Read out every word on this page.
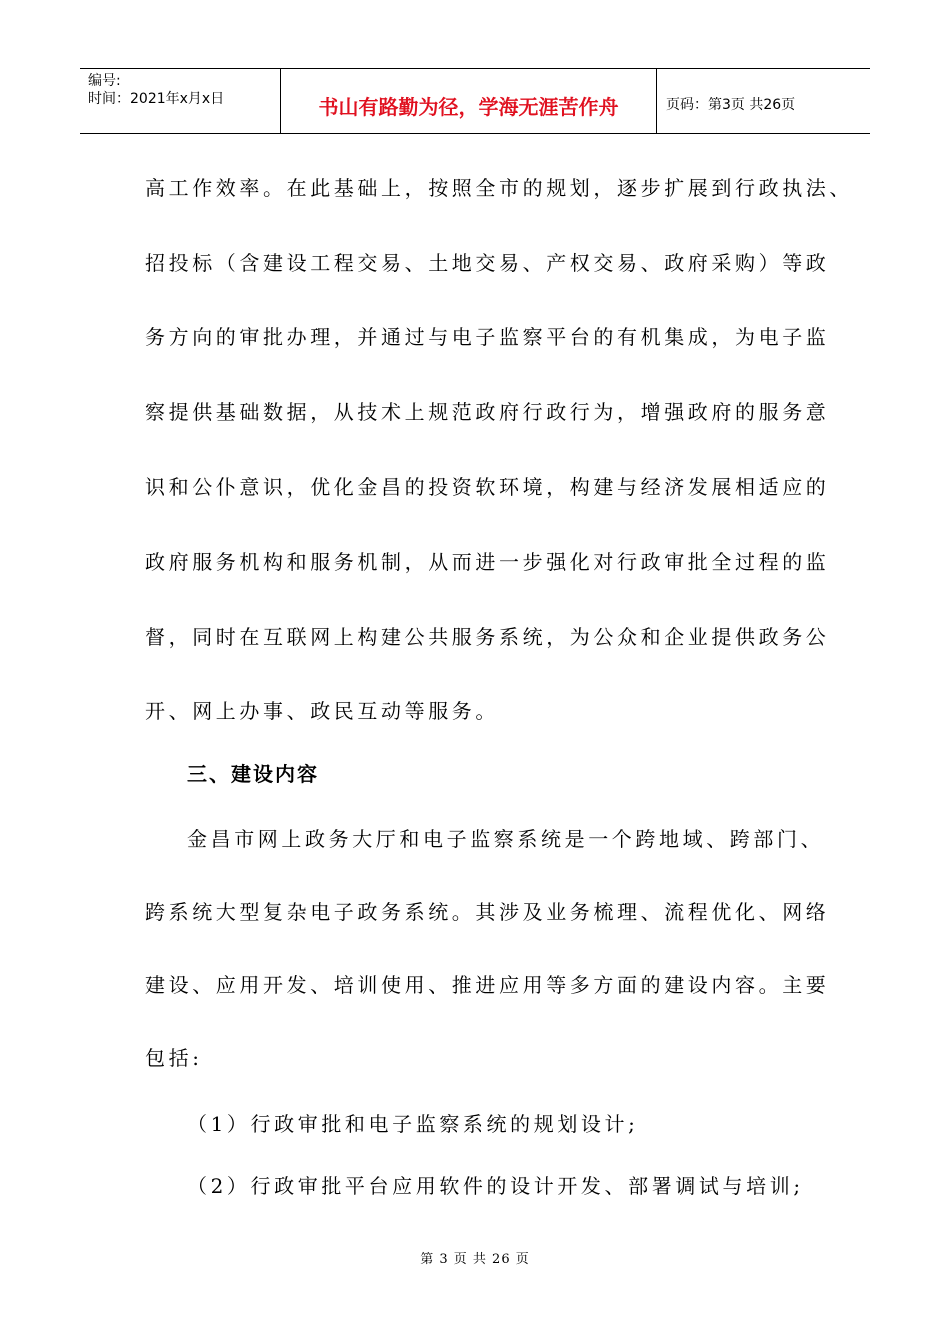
编号:
时间：2021年x月x日	书山有路勤为径，学海无涯苦作舟	页码：第3页 共26页
高工作效率。在此基础上，按照全市的规划，逐步扩展到行政执法、
招投标（含建设工程交易、土地交易、产权交易、政府采购）等政
务方向的审批办理，并通过与电子监察平台的有机集成，为电子监
察提供基础数据，从技术上规范政府行政行为，增强政府的服务意
识和公仆意识，优化金昌的投资软环境，构建与经济发展相适应的
政府服务机构和服务机制，从而进一步强化对行政审批全过程的监
督，同时在互联网上构建公共服务系统，为公众和企业提供政务公
开、网上办事、政民互动等服务。
三、建设内容
金昌市网上政务大厅和电子监察系统是一个跨地域、跨部门、
跨系统大型复杂电子政务系统。其涉及业务梳理、流程优化、网络
建设、应用开发、培训使用、推进应用等多方面的建设内容。主要
包括:
（1）行政审批和电子监察系统的规划设计;
（2）行政审批平台应用软件的设计开发、部署调试与培训;
第 3 页 共 26 页
